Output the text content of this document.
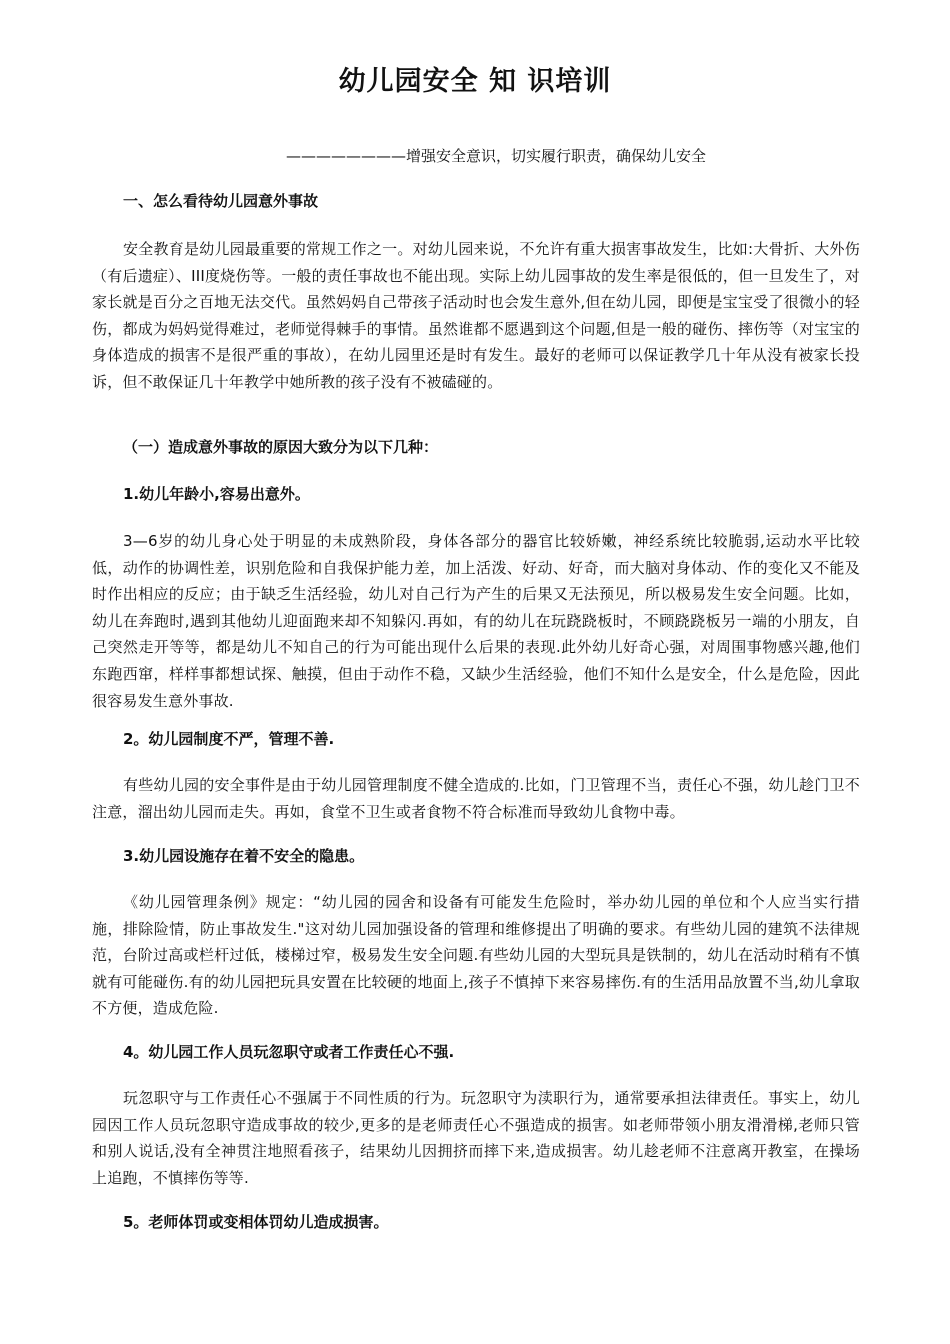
幼儿园安全 知 识培训

————————增强安全意识，切实履行职责，确保幼儿安全

一、怎么看待幼儿园意外事故

安全教育是幼儿园最重要的常规工作之一。对幼儿园来说，不允许有重大损害事故发生，比如:大骨折、大外伤（有后遗症）、III度烧伤等。一般的责任事故也不能出现。实际上幼儿园事故的发生率是很低的，但一旦发生了，对家长就是百分之百地无法交代。虽然妈妈自己带孩子活动时也会发生意外,但在幼儿园，即便是宝宝受了很微小的轻伤，都成为妈妈觉得难过，老师觉得棘手的事情。虽然谁都不愿遇到这个问题,但是一般的碰伤、摔伤等（对宝宝的身体造成的损害不是很严重的事故），在幼儿园里还是时有发生。最好的老师可以保证教学几十年从没有被家长投诉，但不敢保证几十年教学中她所教的孩子没有不被磕碰的。

（一）造成意外事故的原因大致分为以下几种：
1.幼儿年龄小,容易出意外。

3—6岁的幼儿身心处于明显的未成熟阶段，身体各部分的器官比较娇嫩，神经系统比较脆弱,运动水平比较低，动作的协调性差，识别危险和自我保护能力差，加上活泼、好动、好奇，而大脑对身体动、作的变化又不能及时作出相应的反应；由于缺乏生活经验，幼儿对自己行为产生的后果又无法预见，所以极易发生安全问题。比如，幼儿在奔跑时,遇到其他幼儿迎面跑来却不知躲闪.再如，有的幼儿在玩跷跷板时，不顾跷跷板另一端的小朋友，自己突然走开等等，都是幼儿不知自己的行为可能出现什么后果的表现.此外幼儿好奇心强，对周围事物感兴趣,他们东跑西窜，样样事都想试探、触摸，但由于动作不稳，又缺少生活经验，他们不知什么是安全，什么是危险，因此很容易发生意外事故.

2。幼儿园制度不严，管理不善.

有些幼儿园的安全事件是由于幼儿园管理制度不健全造成的.比如，门卫管理不当，责任心不强，幼儿趁门卫不注意，溜出幼儿园而走失。再如，食堂不卫生或者食物不符合标准而导致幼儿食物中毒。

3.幼儿园设施存在着不安全的隐患。

《幼儿园管理条例》规定：“幼儿园的园舍和设备有可能发生危险时，举办幼儿园的单位和个人应当实行措施，排除险情，防止事故发生."这对幼儿园加强设备的管理和维修提出了明确的要求。有些幼儿园的建筑不法律规范，台阶过高或栏杆过低，楼梯过窄，极易发生安全问题.有些幼儿园的大型玩具是铁制的，幼儿在活动时稍有不慎就有可能碰伤.有的幼儿园把玩具安置在比较硬的地面上,孩子不慎掉下来容易摔伤.有的生活用品放置不当,幼儿拿取不方便，造成危险.

4。幼儿园工作人员玩忽职守或者工作责任心不强.

玩忽职守与工作责任心不强属于不同性质的行为。玩忽职守为渎职行为，通常要承担法律责任。事实上，幼儿园因工作人员玩忽职守造成事故的较少,更多的是老师责任心不强造成的损害。如老师带领小朋友滑滑梯,老师只管和别人说话,没有全神贯注地照看孩子，结果幼儿因拥挤而摔下来,造成损害。幼儿趁老师不注意离开教室，在操场上追跑，不慎摔伤等等.

5。老师体罚或变相体罚幼儿造成损害。
